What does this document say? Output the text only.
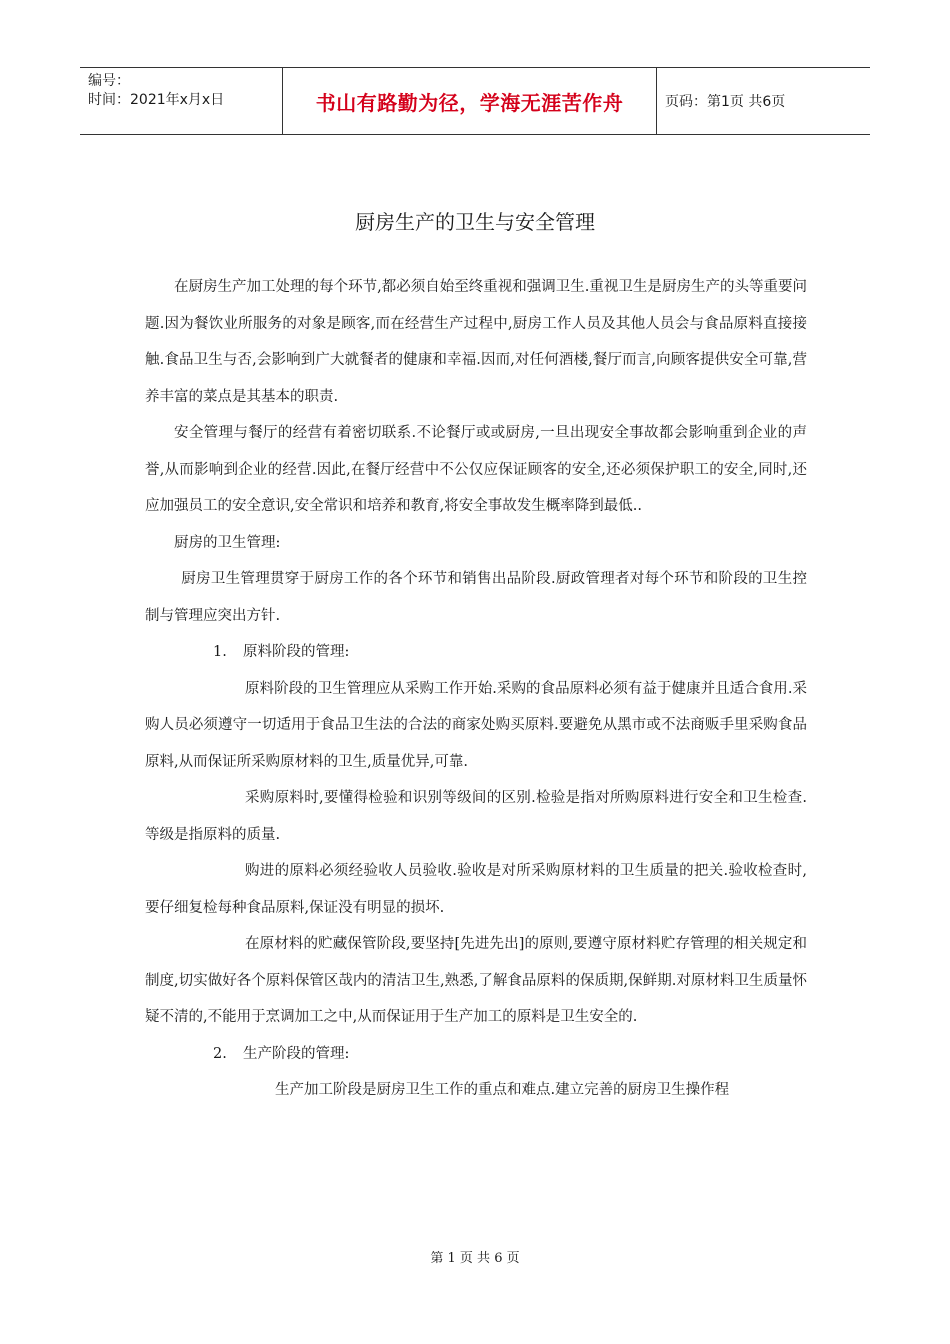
编号：
时间：2021年x月x日	书山有路勤为径，学海无涯苦作舟	页码：第1页 共6页
厨房生产的卫生与安全管理

在厨房生产加工处理的每个环节,都必须自始至终重视和强调卫生.重视卫生是厨房生产的头等重要问题.因为餐饮业所服务的对象是顾客,而在经营生产过程中,厨房工作人员及其他人员会与食品原料直接接触.食品卫生与否,会影响到广大就餐者的健康和幸福.因而,对任何酒楼,餐厅而言,向顾客提供安全可靠,营养丰富的菜点是其基本的职责.

安全管理与餐厅的经营有着密切联系.不论餐厅或或厨房,一旦出现安全事故都会影响重到企业的声誉,从而影响到企业的经营.因此,在餐厅经营中不公仅应保证顾客的安全,还必须保护职工的安全,同时,还应加强员工的安全意识,安全常识和培养和教育,将安全事故发生概率降到最低..

厨房的卫生管理:

厨房卫生管理贯穿于厨房工作的各个环节和销售出品阶段.厨政管理者对每个环节和阶段的卫生控制与管理应突出方针.

1. 原料阶段的管理:

原料阶段的卫生管理应从采购工作开始.采购的食品原料必须有益于健康并且适合食用.采购人员必须遵守一切适用于食品卫生法的合法的商家处购买原料.要避免从黑市或不法商贩手里采购食品原料,从而保证所采购原材料的卫生,质量优异,可靠.

采购原料时,要懂得检验和识别等级间的区别.检验是指对所购原料进行安全和卫生检查.等级是指原料的质量.

购进的原料必须经验收人员验收.验收是对所采购原材料的卫生质量的把关.验收检查时,要仔细复检每种食品原料,保证没有明显的损坏.

在原材料的贮藏保管阶段,要坚持[先进先出]的原则,要遵守原材料贮存管理的相关规定和制度,切实做好各个原料保管区哉内的清洁卫生,熟悉,了解食品原料的保质期,保鲜期.对原材料卫生质量怀疑不清的,不能用于烹调加工之中,从而保证用于生产加工的原料是卫生安全的.

2. 生产阶段的管理:

生产加工阶段是厨房卫生工作的重点和难点.建立完善的厨房卫生操作程

第 1 页 共 6 页
